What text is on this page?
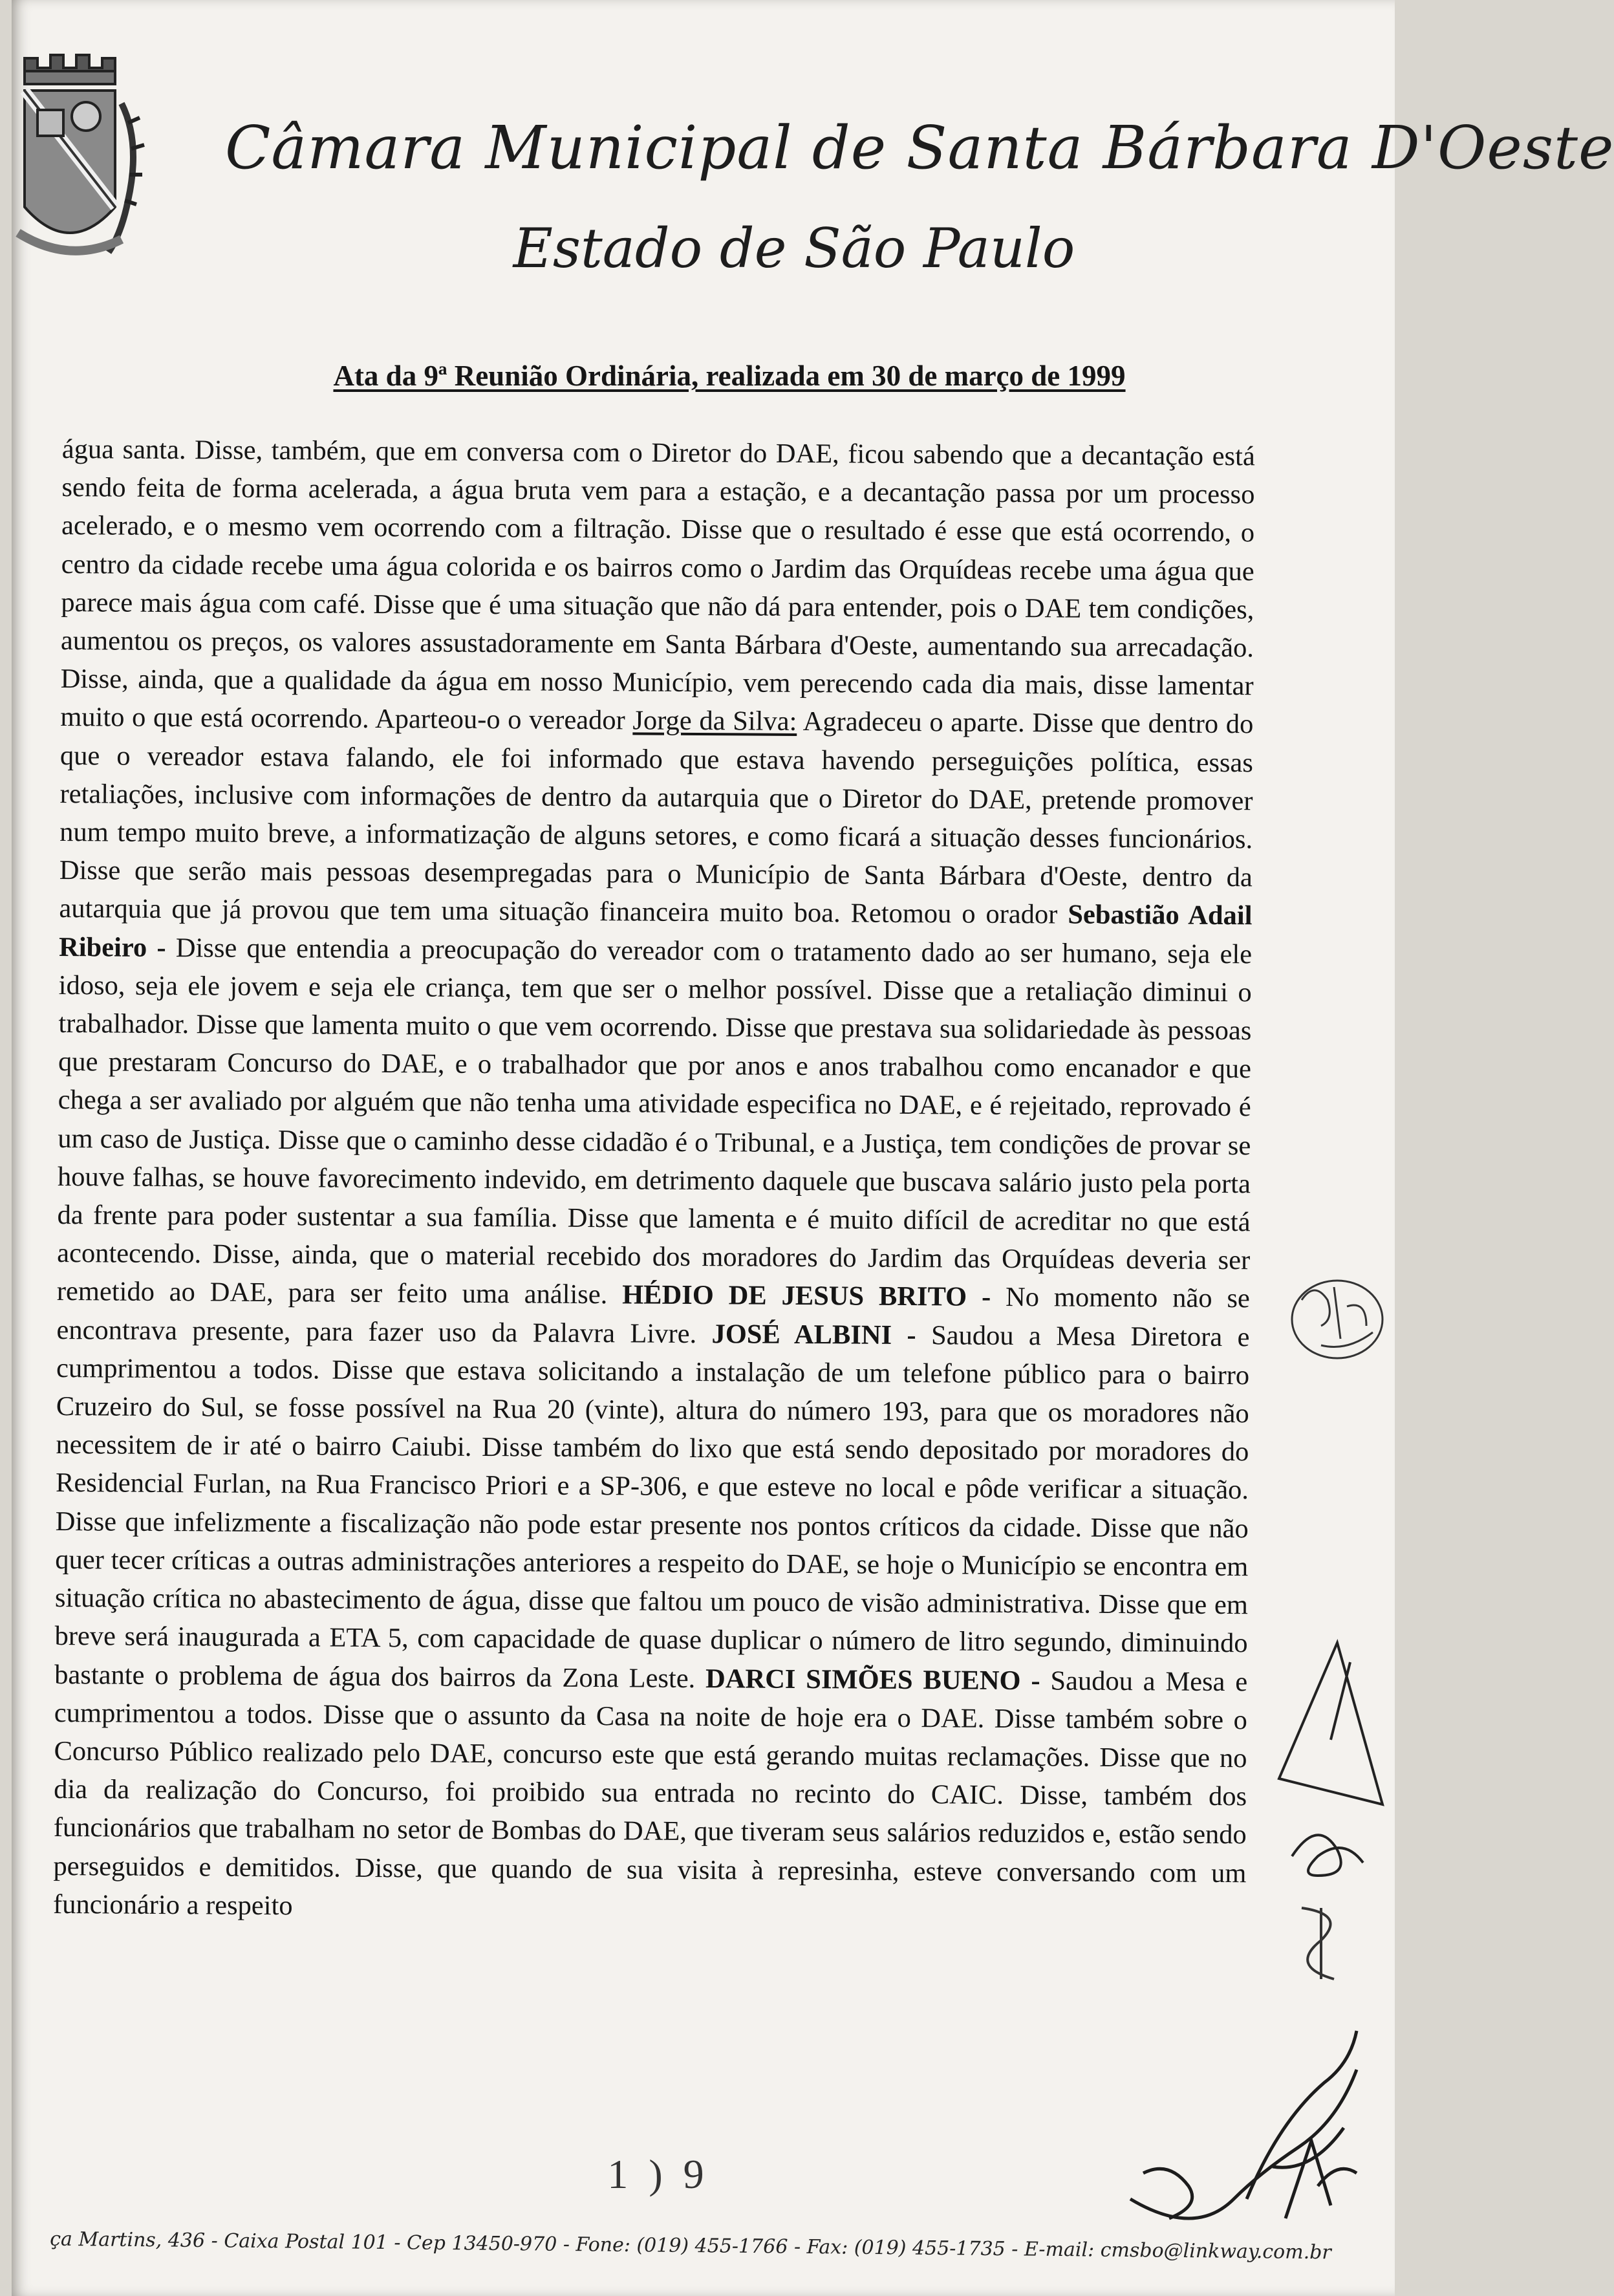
Câmara Municipal de Santa Bárbara D'Oeste
Estado de São Paulo
Ata da 9ª Reunião Ordinária, realizada em 30 de março de 1999

água santa. Disse, também, que em conversa com o Diretor do DAE, ficou sabendo que a decantação está sendo feita de forma acelerada, a água bruta vem para a estação, e a decantação passa por um processo acelerado, e o mesmo vem ocorrendo com a filtração. Disse que o resultado é esse que está ocorrendo, o centro da cidade recebe uma água colorida e os bairros como o Jardim das Orquídeas recebe uma água que parece mais água com café. Disse que é uma situação que não dá para entender, pois o DAE tem condições, aumentou os preços, os valores assustadoramente em Santa Bárbara d'Oeste, aumentando sua arrecadação. Disse, ainda, que a qualidade da água em nosso Município, vem perecendo cada dia mais, disse lamentar muito o que está ocorrendo. Aparteou-o o vereador Jorge da Silva: Agradeceu o aparte. Disse que dentro do que o vereador estava falando, ele foi informado que estava havendo perseguições política, essas retaliações, inclusive com informações de dentro da autarquia que o Diretor do DAE, pretende promover num tempo muito breve, a informatização de alguns setores, e como ficará a situação desses funcionários. Disse que serão mais pessoas desempregadas para o Município de Santa Bárbara d'Oeste, dentro da autarquia que já provou que tem uma situação financeira muito boa. Retomou o orador Sebastião Adail Ribeiro - Disse que entendia a preocupação do vereador com o tratamento dado ao ser humano, seja ele idoso, seja ele jovem e seja ele criança, tem que ser o melhor possível. Disse que a retaliação diminui o trabalhador. Disse que lamenta muito o que vem ocorrendo. Disse que prestava sua solidariedade às pessoas que prestaram Concurso do DAE, e o trabalhador que por anos e anos trabalhou como encanador e que chega a ser avaliado por alguém que não tenha uma atividade especifica no DAE, e é rejeitado, reprovado é um caso de Justiça. Disse que o caminho desse cidadão é o Tribunal, e a Justiça, tem condições de provar se houve falhas, se houve favorecimento indevido, em detrimento daquele que buscava salário justo pela porta da frente para poder sustentar a sua família. Disse que lamenta e é muito difícil de acreditar no que está acontecendo. Disse, ainda, que o material recebido dos moradores do Jardim das Orquídeas deveria ser remetido ao DAE, para ser feito uma análise. HÉDIO DE JESUS BRITO - No momento não se encontrava presente, para fazer uso da Palavra Livre. JOSÉ ALBINI - Saudou a Mesa Diretora e cumprimentou a todos. Disse que estava solicitando a instalação de um telefone público para o bairro Cruzeiro do Sul, se fosse possível na Rua 20 (vinte), altura do número 193, para que os moradores não necessitem de ir até o bairro Caiubi. Disse também do lixo que está sendo depositado por moradores do Residencial Furlan, na Rua Francisco Priori e a SP-306, e que esteve no local e pôde verificar a situação. Disse que infelizmente a fiscalização não pode estar presente nos pontos críticos da cidade. Disse que não quer tecer críticas a outras administrações anteriores a respeito do DAE, se hoje o Município se encontra em situação crítica no abastecimento de água, disse que faltou um pouco de visão administrativa. Disse que em breve será inaugurada a ETA 5, com capacidade de quase duplicar o número de litro segundo, diminuindo bastante o problema de água dos bairros da Zona Leste. DARCI SIMÕES BUENO - Saudou a Mesa e cumprimentou a todos. Disse que o assunto da Casa na noite de hoje era o DAE. Disse também sobre o Concurso Público realizado pelo DAE, concurso este que está gerando muitas reclamações. Disse que no dia da realização do Concurso, foi proibido sua entrada no recinto do CAIC. Disse, também dos funcionários que trabalham no setor de Bombas do DAE, que tiveram seus salários reduzidos e, estão sendo perseguidos e demitidos. Disse, que quando de sua visita à represinha, esteve conversando com um funcionário a respeito

1 ) 9
ça Martins, 436 - Caixa Postal 101 - Cep 13450-970 - Fone: (019) 455-1766 - Fax: (019) 455-1735 - E-mail: cmsbo@linkway.com.br
